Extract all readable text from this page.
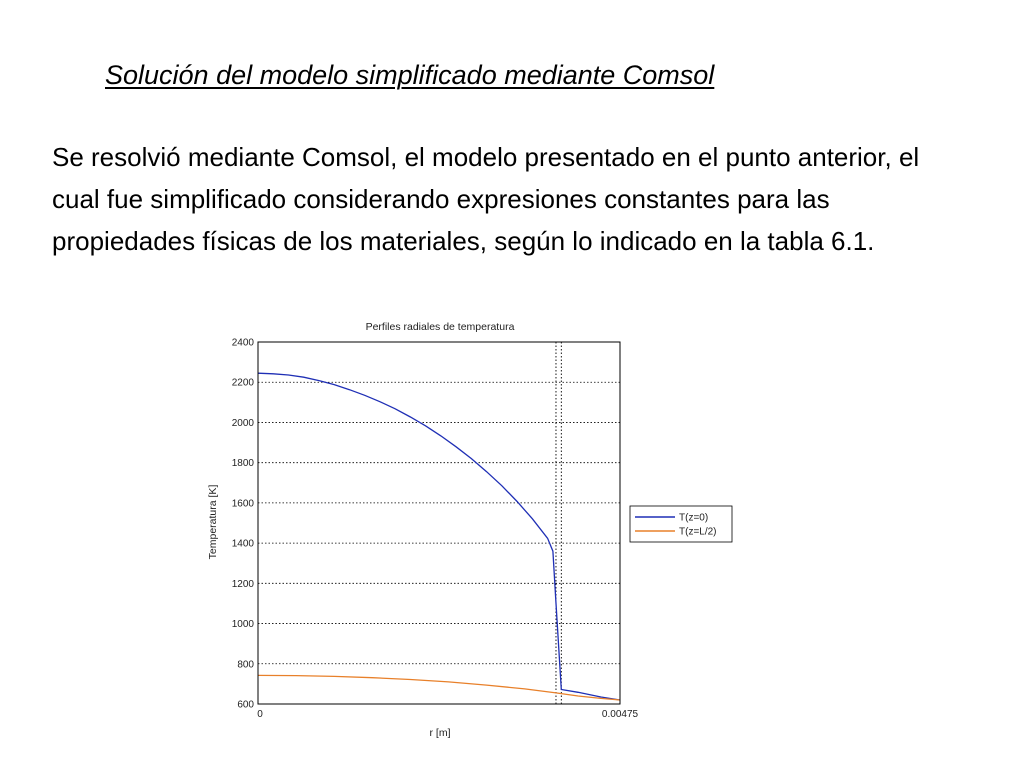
Solución del modelo simplificado mediante Comsol

Se resolvió mediante Comsol, el modelo presentado en el punto anterior, el cual fue simplificado considerando expresiones constantes para las propiedades físicas de los materiales, según lo indicado en la tabla 6.1.

Perfiles radiales de temperatura
600
800
1000
1200
1400
1600
1800
2000
2200
2400
0	0.00475
r [m]
Temperatura [K]	T(z=0)
T(z=L/2)
